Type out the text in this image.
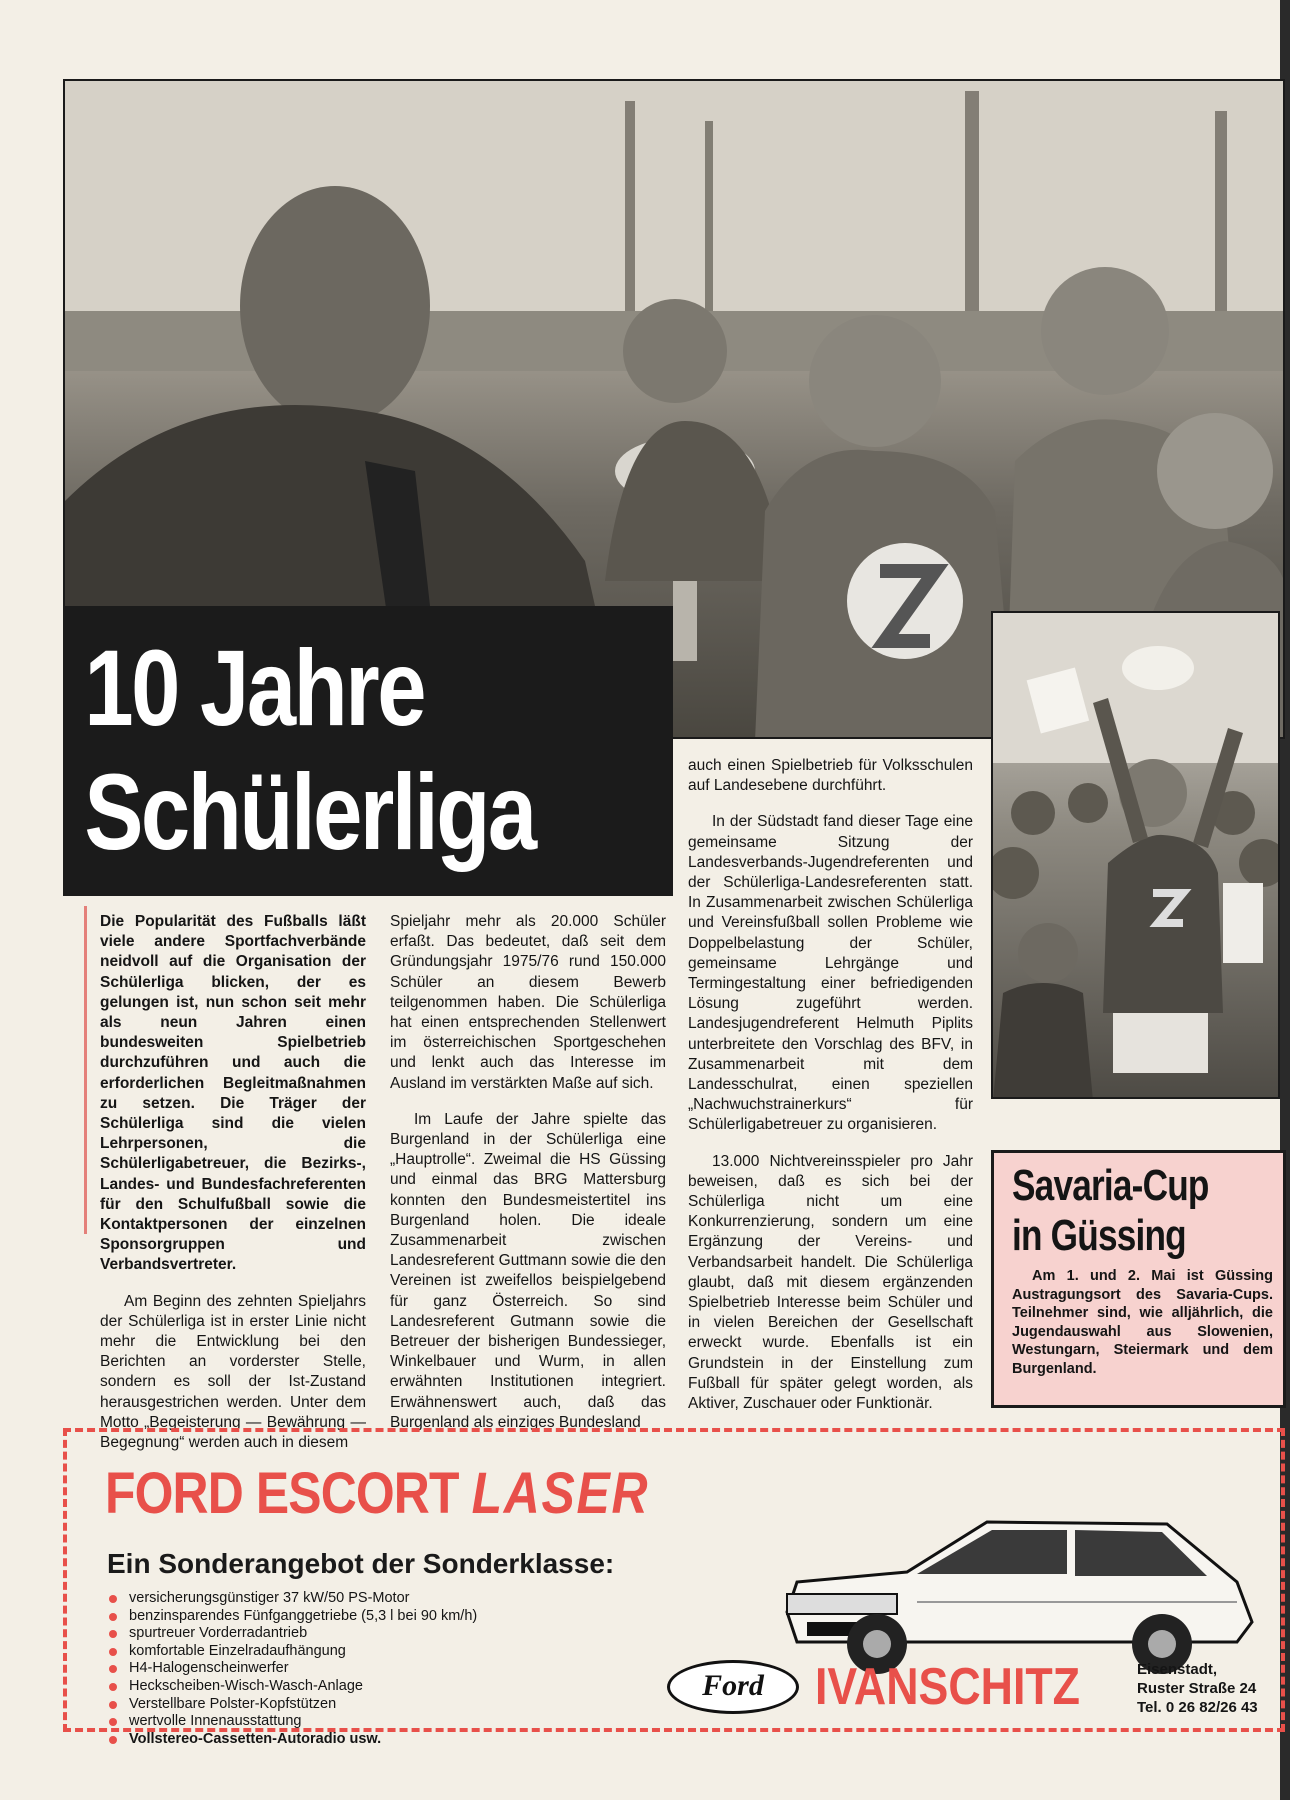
10 Jahre
Schülerliga

Die Popularität des Fußballs läßt viele andere Sportfachverbände neidvoll auf die Organisation der Schülerliga blicken, der es gelungen ist, nun schon seit mehr als neun Jahren einen bundesweiten Spielbetrieb durchzuführen und auch die erforderlichen Begleitmaßnahmen zu setzen. Die Träger der Schülerliga sind die vielen Lehrpersonen, die Schülerligabetreuer, die Bezirks-, Landes- und Bundesfachreferenten für den Schulfußball sowie die Kontaktpersonen der einzelnen Sponsorgruppen und Verbandsvertreter.

Am Beginn des zehnten Spieljahrs der Schülerliga ist in erster Linie nicht mehr die Entwicklung bei den Berichten an vorderster Stelle, sondern es soll der Ist-Zustand herausgestrichen werden. Unter dem Motto „Begeisterung — Bewährung — Begegnung“ werden auch in diesem

Spieljahr mehr als 20.000 Schüler erfaßt. Das bedeutet, daß seit dem Gründungsjahr 1975/76 rund 150.000 Schüler an diesem Bewerb teilgenommen haben. Die Schülerliga hat einen entsprechenden Stellenwert im österreichischen Sportgeschehen und lenkt auch das Interesse im Ausland im verstärkten Maße auf sich.

Im Laufe der Jahre spielte das Burgenland in der Schülerliga eine „Hauptrolle“. Zweimal die HS Güssing und einmal das BRG Mattersburg konnten den Bundesmeistertitel ins Burgenland holen. Die ideale Zusammenarbeit zwischen Landesreferent Guttmann sowie die den Vereinen ist zweifellos beispielgebend für ganz Österreich. So sind Landesreferent Gutmann sowie die Betreuer der bisherigen Bundessieger, Winkelbauer und Wurm, in allen erwähnten Institutionen integriert. Erwähnenswert auch, daß das Burgenland als einziges Bundesland

auch einen Spielbetrieb für Volksschulen auf Landesebene durchführt.

In der Südstadt fand dieser Tage eine gemeinsame Sitzung der Landesverbands-Jugendreferenten und der Schülerliga-Landesreferenten statt. In Zusammenarbeit zwischen Schülerliga und Vereinsfußball sollen Probleme wie Doppelbelastung der Schüler, gemeinsame Lehrgänge und Termingestaltung einer befriedigenden Lösung zugeführt werden. Landesjugendreferent Helmuth Piplits unterbreitete den Vorschlag des BFV, in Zusammenarbeit mit dem Landesschulrat, einen speziellen „Nachwuchstrainerkurs“ für Schülerligabetreuer zu organisieren.

13.000 Nichtvereinsspieler pro Jahr beweisen, daß es sich bei der Schülerliga nicht um eine Konkurrenzierung, sondern um eine Ergänzung der Vereins- und Verbandsarbeit handelt. Die Schülerliga glaubt, daß mit diesem ergänzenden Spielbetrieb Interesse beim Schüler und in vielen Bereichen der Gesellschaft erweckt wurde. Ebenfalls ist ein Grundstein in der Einstellung zum Fußball für später gelegt worden, als Aktiver, Zuschauer oder Funktionär.

Savaria-Cup
in Güssing

Am 1. und 2. Mai ist Güssing Austragungsort des Savaria-Cups. Teilnehmer sind, wie alljährlich, die Jugendauswahl aus Slowenien, Westungarn, Steiermark und dem Burgenland.

FORD ESCORT LASER
Ein Sonderangebot der Sonderklasse:
versicherungsgünstiger 37 kW/50 PS-Motor
benzinsparendes Fünfganggetriebe (5,3 l bei 90 km/h)
spurtreuer Vorderradantrieb
komfortable Einzelradaufhängung
H4-Halogenscheinwerfer
Heckscheiben-Wisch-Wasch-Anlage
Verstellbare Polster-Kopfstützen
wertvolle Innenausstattung
Vollstereo-Cassetten-Autoradio usw.
Ford IVANSCHITZ	Eisenstadt,
Ruster Straße 24
Tel. 0 26 82/26 43
